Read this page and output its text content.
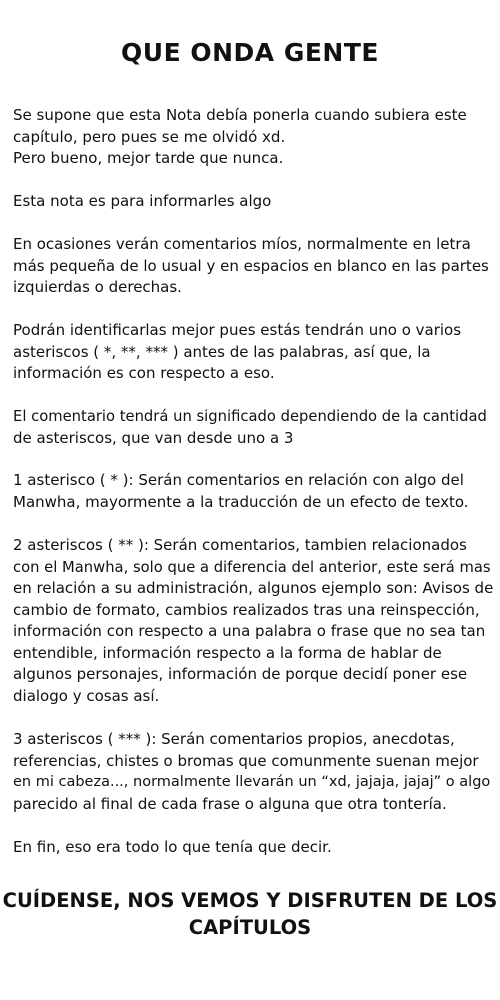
QUE ONDA GENTE
Se supone que esta Nota debía ponerla cuando subiera este
capítulo, pero pues se me olvidó xd.
Pero bueno, mejor tarde que nunca.
Esta nota es para informarles algo
En ocasiones verán comentarios míos, normalmente en letra
más pequeña de lo usual y en espacios en blanco en las partes
izquierdas o derechas.
Podrán identificarlas mejor pues estás tendrán uno o varios
asteriscos ( *, **, *** ) antes de las palabras, así que, la
información es con respecto a eso.
El comentario tendrá un significado dependiendo de la cantidad
de asteriscos, que van desde uno a 3
1 asterisco ( * ): Serán comentarios en relación con algo del
Manwha, mayormente a la traducción de un efecto de texto.
2 asteriscos ( ** ): Serán comentarios, tambien relacionados
con el Manwha, solo que a diferencia del anterior, este será mas
en relación a su administración, algunos ejemplo son: Avisos de
cambio de formato, cambios realizados tras una reinspección,
información con respecto a una palabra o frase que no sea tan
entendible, información respecto a la forma de hablar de
algunos personajes, información de porque decidí poner ese
dialogo y cosas así.
3 asteriscos ( *** ): Serán comentarios propios, anecdotas,
referencias, chistes o bromas que comunmente suenan mejor
en mi cabeza..., normalmente llevarán un “xd, jajaja, jajaj” o algo
parecido al final de cada frase o alguna que otra tontería.
En fin, eso era todo lo que tenía que decir.
CUÍDENSE, NOS VEMOS Y DISFRUTEN DE LOS
CAPÍTULOS
